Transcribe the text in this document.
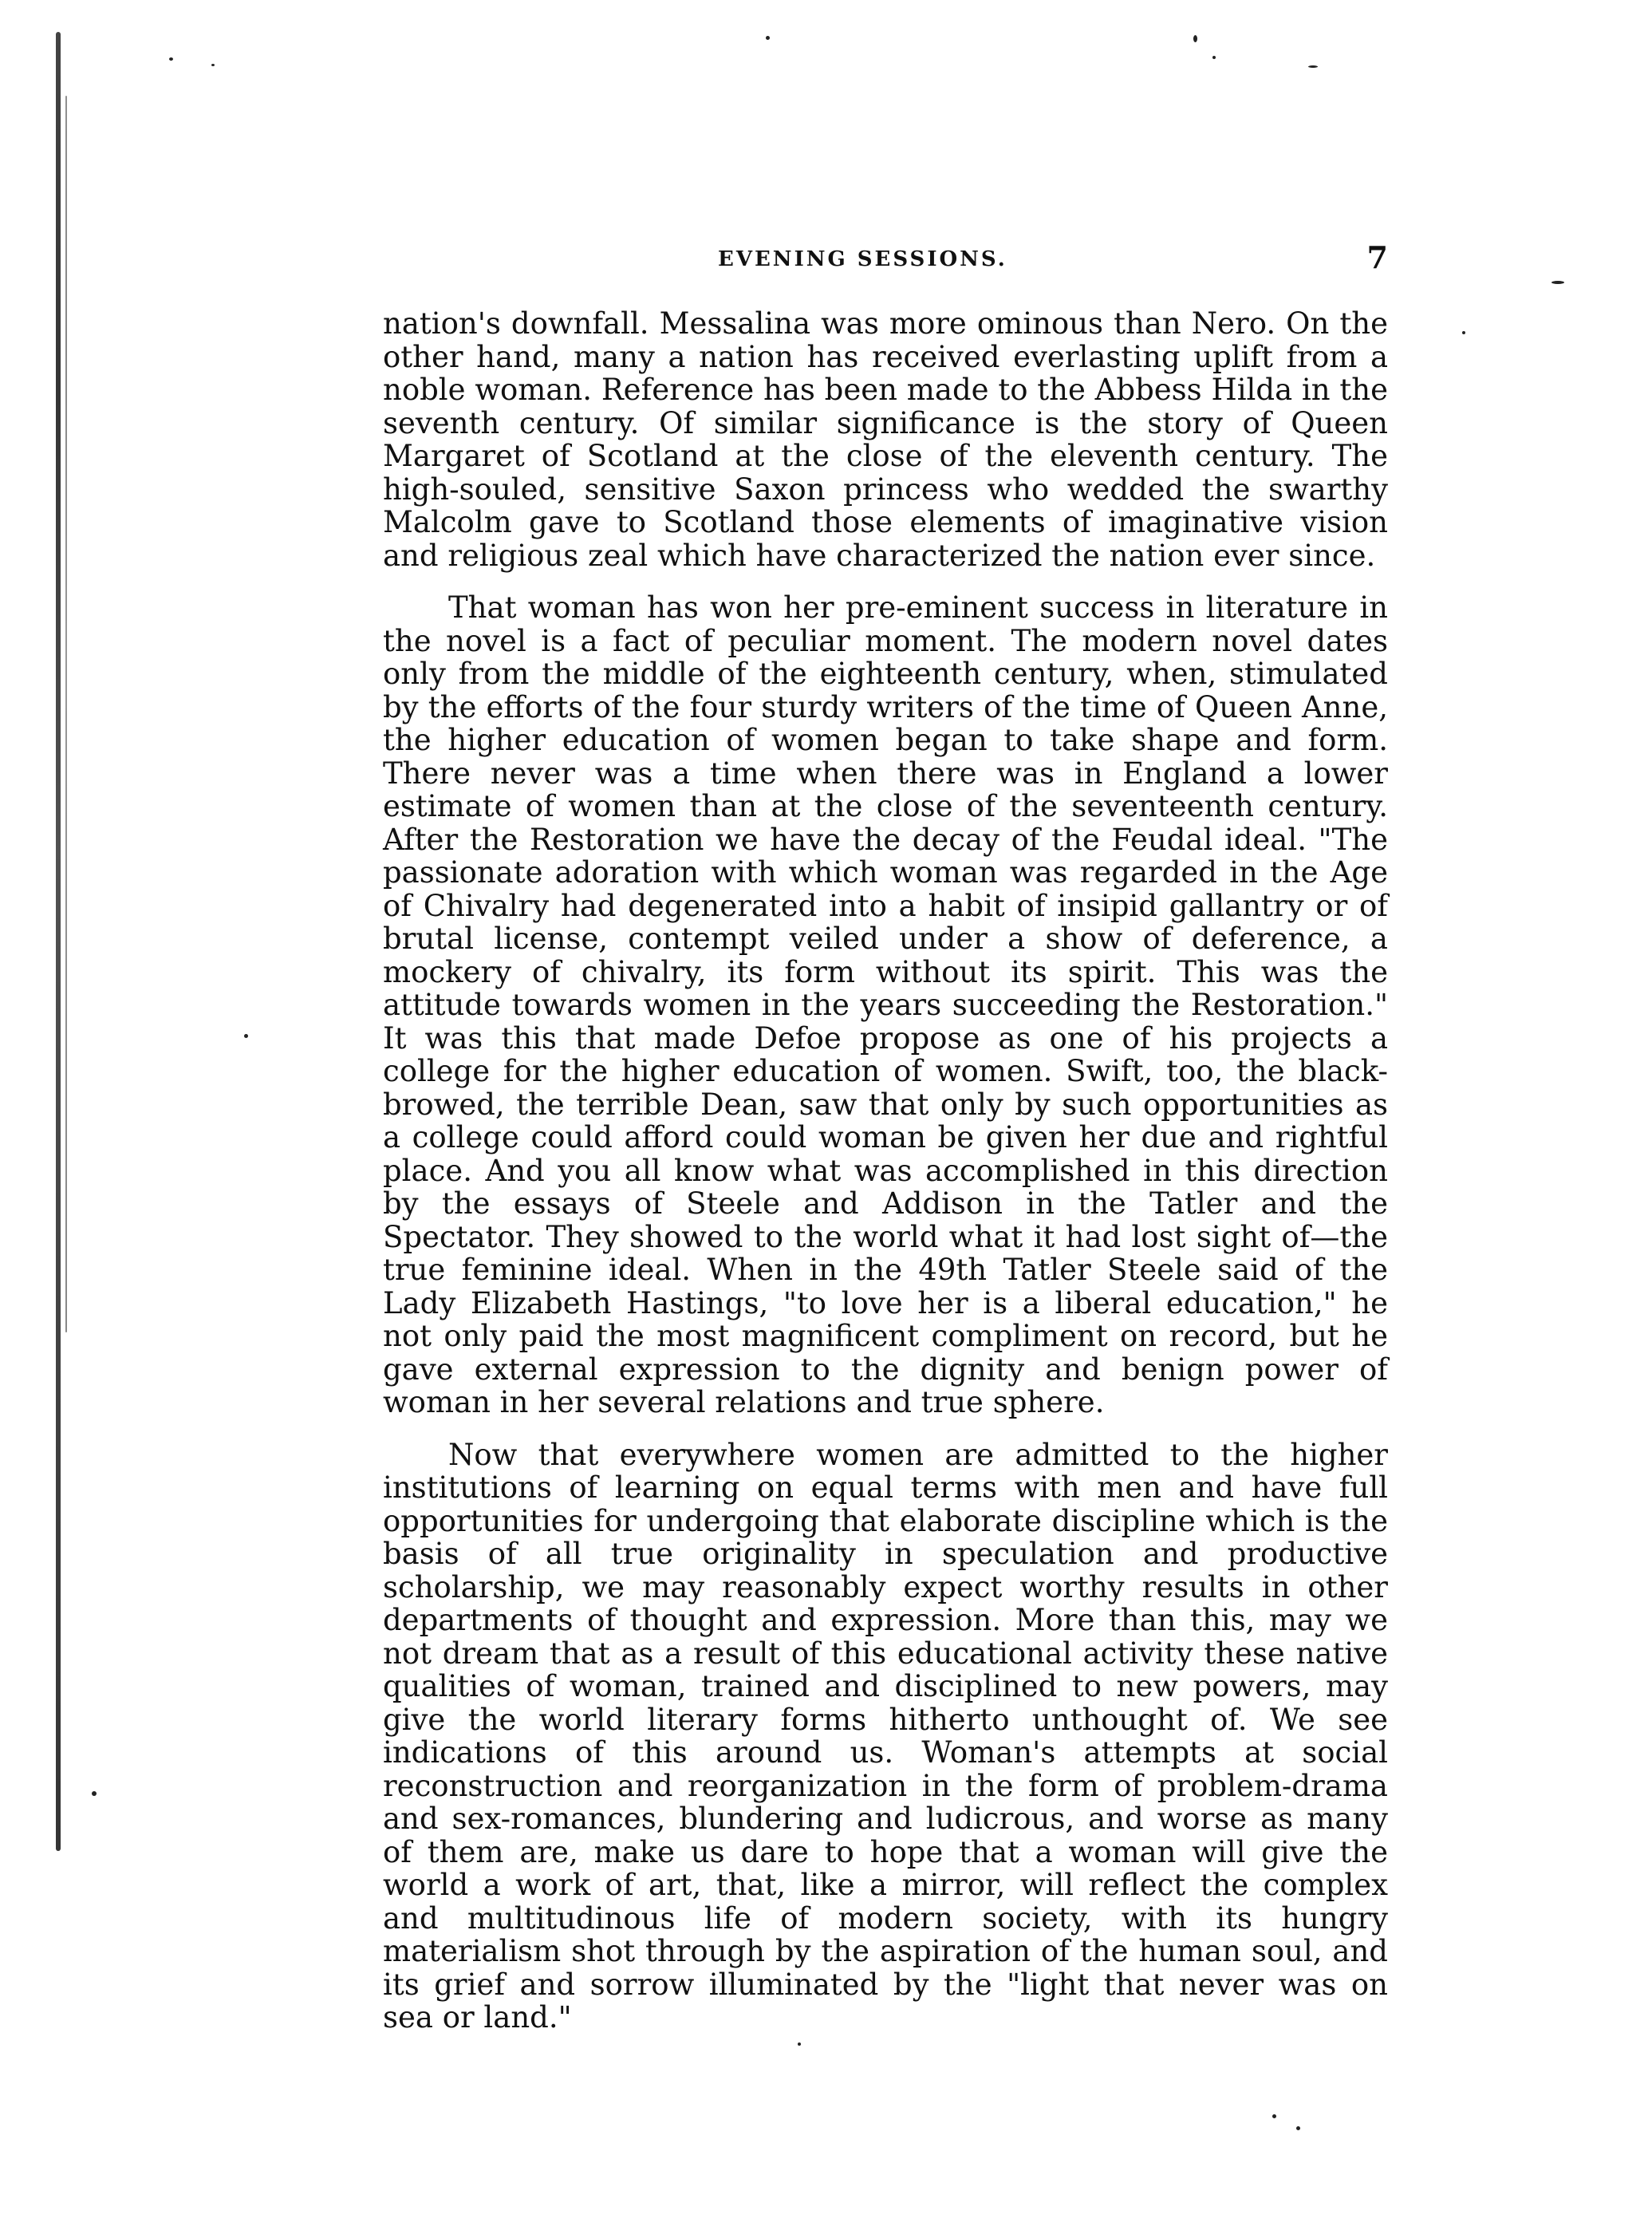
EVENING SESSIONS.	7

nation's downfall. Messalina was more ominous than Nero. On the other hand, many a nation has received everlasting uplift from a noble woman. Reference has been made to the Abbess Hilda in the seventh century. Of similar significance is the story of Queen Margaret of Scotland at the close of the eleventh century. The high-souled, sensitive Saxon princess who wedded the swarthy Malcolm gave to Scotland those elements of imaginative vision and religious zeal which have characterized the nation ever since.

That woman has won her pre-eminent success in literature in the novel is a fact of peculiar moment. The modern novel dates only from the middle of the eighteenth century, when, stimulated by the efforts of the four sturdy writers of the time of Queen Anne, the higher education of women began to take shape and form. There never was a time when there was in England a lower estimate of women than at the close of the seventeenth century. After the Restoration we have the decay of the Feudal ideal. "The passionate adoration with which woman was regarded in the Age of Chivalry had degenerated into a habit of insipid gallantry or of brutal license, contempt veiled under a show of deference, a mockery of chivalry, its form without its spirit. This was the attitude towards women in the years succeeding the Restoration." It was this that made Defoe propose as one of his projects a college for the higher education of women. Swift, too, the black-browed, the terrible Dean, saw that only by such opportunities as a college could afford could woman be given her due and rightful place. And you all know what was accomplished in this direction by the essays of Steele and Addison in the Tatler and the Spectator. They showed to the world what it had lost sight of—the true feminine ideal. When in the 49th Tatler Steele said of the Lady Elizabeth Hastings, "to love her is a liberal education," he not only paid the most magnificent compliment on record, but he gave external expression to the dignity and benign power of woman in her several relations and true sphere.

Now that everywhere women are admitted to the higher institutions of learning on equal terms with men and have full opportunities for undergoing that elaborate discipline which is the basis of all true originality in speculation and productive scholarship, we may reasonably expect worthy results in other departments of thought and expression. More than this, may we not dream that as a result of this educational activity these native qualities of woman, trained and disciplined to new powers, may give the world literary forms hitherto unthought of. We see indications of this around us. Woman's attempts at social reconstruction and reorganization in the form of problem-drama and sex-romances, blundering and ludicrous, and worse as many of them are, make us dare to hope that a woman will give the world a work of art, that, like a mirror, will reflect the complex and multitudinous life of modern society, with its hungry materialism shot through by the aspiration of the human soul, and its grief and sorrow illuminated by the "light that never was on sea or land."
